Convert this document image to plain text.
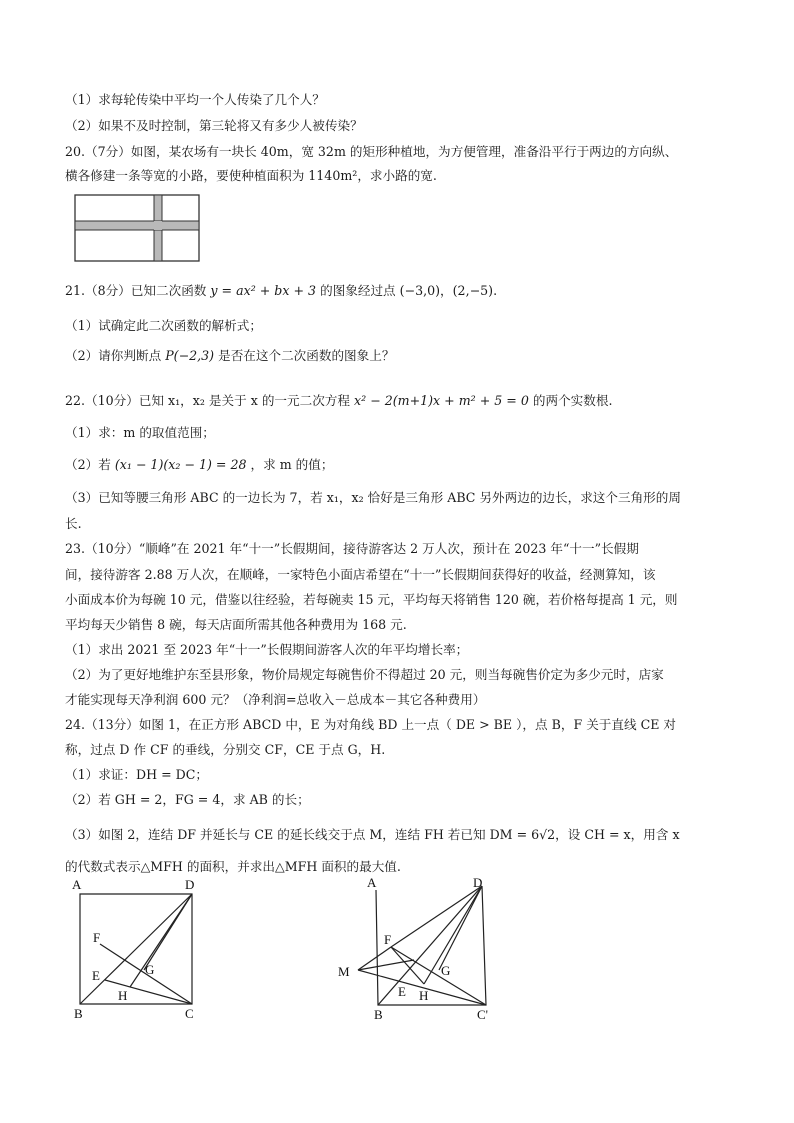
（1）求每轮传染中平均一个人传染了几个人？
（2）如果不及时控制，第三轮将又有多少人被传染？
20.（7分）如图，某农场有一块长 40m，宽 32m 的矩形种植地，为方便管理，准备沿平行于两边的方向纵、
横各修建一条等宽的小路，要使种植面积为 1140m²，求小路的宽.
21.（8分）已知二次函数 y = ax² + bx + 3 的图象经过点 (−3,0)，(2,−5).
（1）试确定此二次函数的解析式；
（2）请你判断点 P(−2,3) 是否在这个二次函数的图象上？
22.（10分）已知 x₁，x₂ 是关于 x 的一元二次方程 x² − 2(m+1)x + m² + 5 = 0 的两个实数根.
（1）求：m 的取值范围；
（2）若 (x₁ − 1)(x₂ − 1) = 28 ，求 m 的值；
（3）已知等腰三角形 ABC 的一边长为 7，若 x₁，x₂ 恰好是三角形 ABC 另外两边的边长，求这个三角形的周
长.
23.（10分）“顺峰”在 2021 年“十一”长假期间，接待游客达 2 万人次，预计在 2023 年“十一”长假期
间，接待游客 2.88 万人次，在顺峰，一家特色小面店希望在“十一”长假期间获得好的收益，经测算知，该
小面成本价为每碗 10 元，借鉴以往经验，若每碗卖 15 元，平均每天将销售 120 碗，若价格每提高 1 元，则
平均每天少销售 8 碗，每天店面所需其他各种费用为 168 元.
（1）求出 2021 至 2023 年“十一”长假期间游客人次的年平均增长率；
（2）为了更好地维护东至县形象，物价局规定每碗售价不得超过 20 元，则当每碗售价定为多少元时，店家
才能实现每天净利润 600 元？（净利润=总收入－总成本－其它各种费用）
24.（13分）如图 1，在正方形 ABCD 中，E 为对角线 BD 上一点（ DE > BE ），点 B，F 关于直线 CE 对
称，过点 D 作 CF 的垂线，分别交 CF，CE 于点 G，H.
（1）求证：DH = DC；
（2）若 GH = 2，FG = 4，求 AB 的长；
（3）如图 2，连结 DF 并延长与 CE 的延长线交于点 M，连结 FH 若已知 DM = 6√2，设 CH = x，用含 x
的代数式表示△MFH 的面积，并求出△MFH 面积的最大值.
A	D
F
E	G
H
B	C
A	D
F
M	G
E H
B	C'
